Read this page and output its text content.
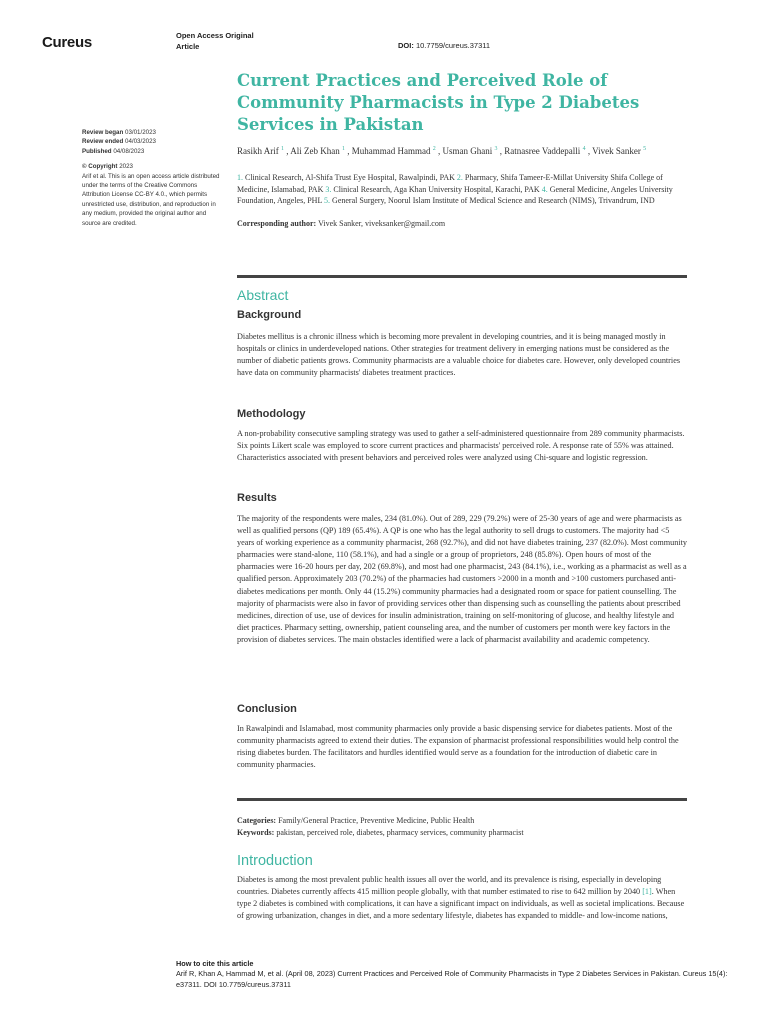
Cureus	Open Access Original Article	DOI: 10.7759/cureus.37311
Review began 03/01/2023
Review ended 04/03/2023
Published 04/08/2023
© Copyright 2023
Arif et al. This is an open access article distributed under the terms of the Creative Commons Attribution License CC-BY 4.0., which permits unrestricted use, distribution, and reproduction in any medium, provided the original author and source are credited.
Current Practices and Perceived Role of Community Pharmacists in Type 2 Diabetes Services in Pakistan
Rasikh Arif $^1$ , Ali Zeb Khan $^1$ , Muhammad Hammad $^2$ , Usman Ghani $^3$ , Ratnasree Vaddepalli $^4$ , Vivek Sanker $^5$
1. Clinical Research, Al-Shifa Trust Eye Hospital, Rawalpindi, PAK 2. Pharmacy, Shifa Tameer-E-Millat University Shifa College of Medicine, Islamabad, PAK 3. Clinical Research, Aga Khan University Hospital, Karachi, PAK 4. General Medicine, Angeles University Foundation, Angeles, PHL 5. General Surgery, Noorul Islam Institute of Medical Science and Research (NIMS), Trivandrum, IND
Corresponding author: Vivek Sanker, viveksanker@gmail.com
Abstract
Background
Diabetes mellitus is a chronic illness which is becoming more prevalent in developing countries, and it is being managed mostly in hospitals or clinics in underdeveloped nations. Other strategies for treatment delivery in emerging nations must be considered as the number of diabetic patients grows. Community pharmacists are a valuable choice for diabetes care. However, only developed countries have data on community pharmacists' diabetes treatment practices.
Methodology
A non-probability consecutive sampling strategy was used to gather a self-administered questionnaire from 289 community pharmacists. Six points Likert scale was employed to score current practices and pharmacists' perceived role. A response rate of 55% was attained. Characteristics associated with present behaviors and perceived roles were analyzed using Chi-square and logistic regression.
Results
The majority of the respondents were males, 234 (81.0%). Out of 289, 229 (79.2%) were of 25-30 years of age and were pharmacists as well as qualified persons (QP) 189 (65.4%). A QP is one who has the legal authority to sell drugs to customers. The majority had <5 years of working experience as a community pharmacist, 268 (92.7%), and did not have diabetes training, 237 (82.0%). Most community pharmacies were stand-alone, 110 (58.1%), and had a single or a group of proprietors, 248 (85.8%). Open hours of most of the pharmacies were 16-20 hours per day, 202 (69.8%), and most had one pharmacist, 243 (84.1%), i.e., working as a pharmacist as well as a qualified person. Approximately 203 (70.2%) of the pharmacies had customers >2000 in a month and >100 customers purchased anti-diabetes medications per month. Only 44 (15.2%) community pharmacies had a designated room or space for patient counselling. The majority of pharmacists were also in favor of providing services other than dispensing such as counselling the patients about prescribed medicines, direction of use, use of devices for insulin administration, training on self-monitoring of glucose, and healthy lifestyle and diet practices. Pharmacy setting, ownership, patient counseling area, and the number of customers per month were key factors in the provision of diabetes services. The main obstacles identified were a lack of pharmacist availability and academic competency.
Conclusion
In Rawalpindi and Islamabad, most community pharmacies only provide a basic dispensing service for diabetes patients. Most of the community pharmacists agreed to extend their duties. The expansion of pharmacist professional responsibilities would help control the rising diabetes burden. The facilitators and hurdles identified would serve as a foundation for the introduction of diabetic care in community pharmacies.
Categories: Family/General Practice, Preventive Medicine, Public Health
Keywords: pakistan, perceived role, diabetes, pharmacy services, community pharmacist
Introduction
Diabetes is among the most prevalent public health issues all over the world, and its prevalence is rising, especially in developing countries. Diabetes currently affects 415 million people globally, with that number estimated to rise to 642 million by 2040 [1]. When type 2 diabetes is combined with complications, it can have a significant impact on individuals, as well as societal implications. Because of growing urbanization, changes in diet, and a more sedentary lifestyle, diabetes has expanded to middle- and low-income nations,
How to cite this article
Arif R, Khan A, Hammad M, et al. (April 08, 2023) Current Practices and Perceived Role of Community Pharmacists in Type 2 Diabetes Services in Pakistan. Cureus 15(4): e37311. DOI 10.7759/cureus.37311
